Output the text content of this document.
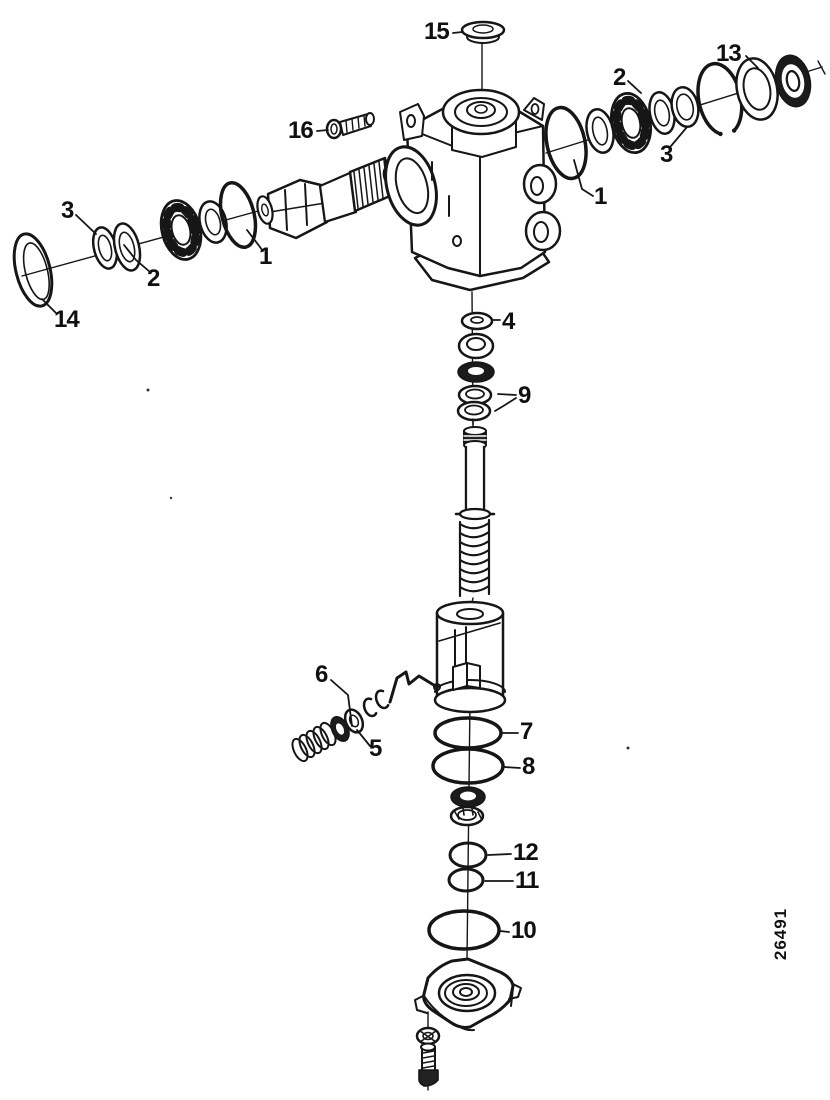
15
16
2
13
3
1
3
2
1
14	4
9
6
5
7
8
12
11
10	26491
